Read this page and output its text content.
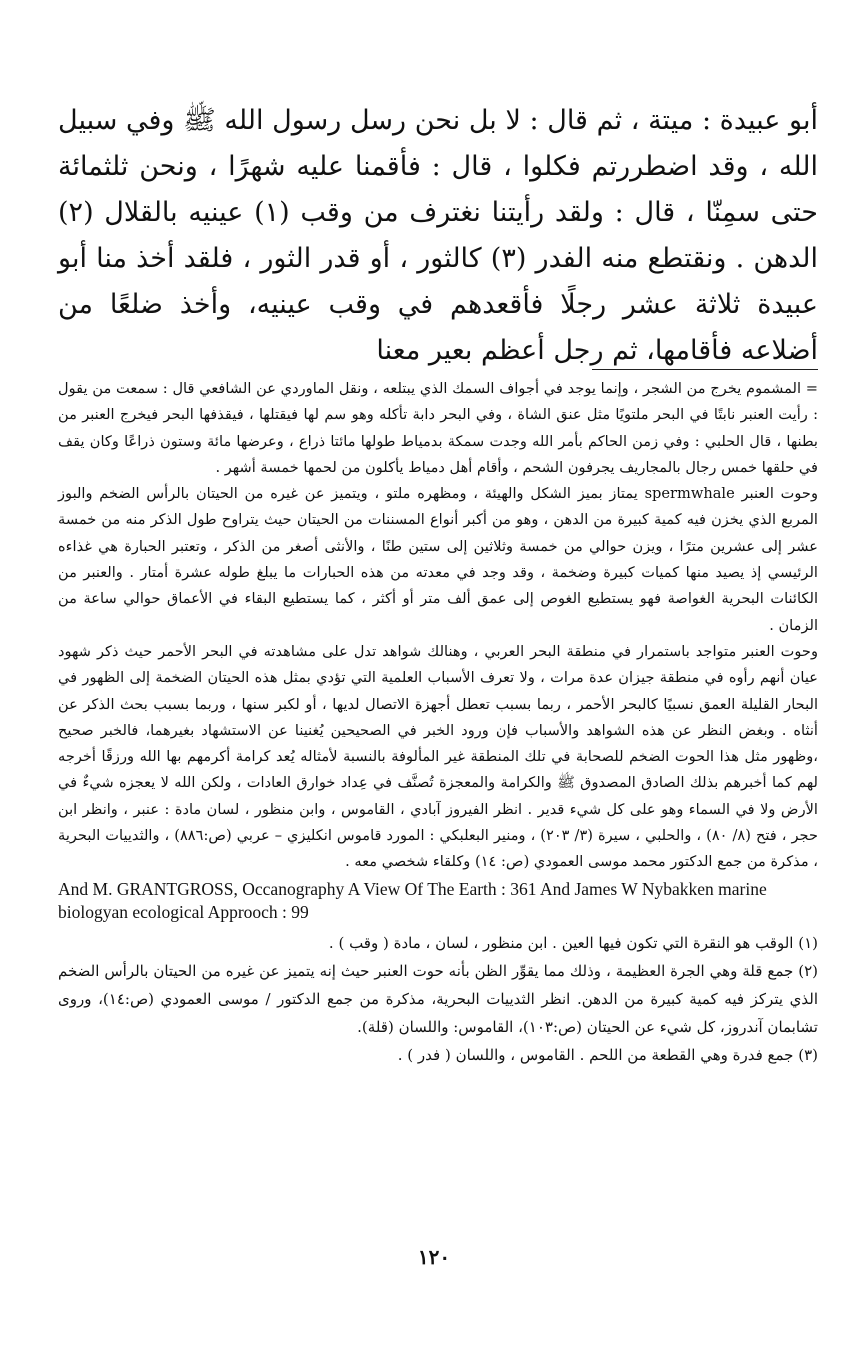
أبو عبيدة : ميتة ، ثم قال : لا بل نحن رسل رسول الله ﷺ وفي سبيل الله ، وقد اضطررتم فكلوا ، قال : فأقمنا عليه شهرًا ، ونحن ثلثمائة حتى سمِنّا ، قال : ولقد رأيتنا نغترف من وقب (١) عينيه بالقلال (٢) الدهن . ونقتطع منه الفدر (٣) كالثور ، أو قدر الثور ، فلقد أخذ منا أبو عبيدة ثلاثة عشر رجلًا فأقعدهم في وقب عينيه، وأخذ ضلعًا من أضلاعه فأقامها، ثم رجل أعظم بعير معنا

= المشموم يخرج من الشجر ، وإنما يوجد في أجواف السمك الذي يبتلعه ، ونقل الماوردي عن الشافعي قال : سمعت من يقول : رأيت العنبر نابتًا في البحر ملتويًا مثل عنق الشاة ، وفي البحر دابة تأكله وهو سم لها فيقتلها ، فيقذفها البحر فيخرج العنبر من بطنها ، قال الحلبي : وفي زمن الحاكم بأمر الله وجدت سمكة بدمياط طولها مائتا ذراع ، وعرضها مائة وستون ذراعًا وكان يقف في حلقها خمس رجال بالمجاريف يجرفون الشحم ، وأقام أهل دمياط يأكلون من لحمها خمسة أشهر .

وحوت العنبر spermwhale يمتاز بميز الشكل والهيئة ، ومظهره ملتو ، ويتميز عن غيره من الحيتان بالرأس الضخم والبوز المربع الذي يخزن فيه كمية كبيرة من الدهن ، وهو من أكبر أنواع المسننات من الحيتان حيث يتراوح طول الذكر منه من خمسة عشر إلى عشرين مترًا ، ويزن حوالي من خمسة وثلاثين إلى ستين طنًا ، والأنثى أصغر من الذكر ، وتعتبر الحبارة هي غذاءه الرئيسي إذ يصيد منها كميات كبيرة وضخمة ، وقد وجد في معدته من هذه الحبارات ما يبلغ طوله عشرة أمتار . والعنبر من الكائنات البحرية الغواصة فهو يستطيع الغوص إلى عمق ألف متر أو أكثر ، كما يستطيع البقاء في الأعماق حوالي ساعة من الزمان .

وحوت العنبر متواجد باستمرار في منطقة البحر العربي ، وهنالك شواهد تدل على مشاهدته في البحر الأحمر حيث ذكر شهود عيان أنهم رأوه في منطقة جيزان عدة مرات ، ولا تعرف الأسباب العلمية التي تؤدي بمثل هذه الحيتان الضخمة إلى الظهور في البحار القليلة العمق نسبيًا كالبحر الأحمر ، ربما بسبب تعطل أجهزة الاتصال لديها ، أو لكبر سنها ، وربما بسبب بحث الذكر عن أنثاه . وبغض النظر عن هذه الشواهد والأسباب فإن ورود الخبر في الصحيحين يُغنينا عن الاستشهاد بغيرهما، فالخبر صحيح ،وظهور مثل هذا الحوت الضخم للصحابة في تلك المنطقة غير المألوفة بالنسبة لأمثاله يُعد كرامة أكرمهم بها الله ورزقًا أخرجه لهم كما أخبرهم بذلك الصادق المصدوق ﷺ والكرامة والمعجزة تُصنَّف في عِداد خوارق العادات ، ولكن الله لا يعجزه شيءٌ في الأرض ولا في السماء وهو على كل شيء قدير . انظر الفيروز آبادي ، القاموس ، وابن منظور ، لسان مادة : عنبر ، وانظر ابن حجر ، فتح (٨/ ٨٠) ، والحلبي ، سيرة (٣/ ٢٠٣) ، ومنير البعلبكي : المورد قاموس انكليزي – عربي (ص:٨٨٦) ، والثدييات البحرية ، مذكرة من جمع الدكتور محمد موسى العمودي (ص: ١٤) وكلقاء شخصي معه .

And M. GRANTGROSS, Occanography A View Of The Earth : 361 And James W Nybakken marine biologyan ecological Approoch : 99

(١) الوقب هو النقرة التي تكون فيها العين . ابن منظور ، لسان ، مادة ( وقب ) .

(٢) جمع قلة وهي الجرة العظيمة ، وذلك مما يقوِّر الظن بأنه حوت العنبر حيث إنه يتميز عن غيره من الحيتان بالرأس الضخم الذي يتركز فيه كمية كبيرة من الدهن. انظر الثدييات البحرية، مذكرة من جمع الدكتور / موسى العمودي (ص:١٤)، وروى تشابمان آندروز، كل شيء عن الحيتان (ص:١٠٣)، القاموس: واللسان (قلة).

(٣) جمع فدرة وهي القطعة من اللحم . القاموس ، واللسان ( فدر ) .

١٢٠
